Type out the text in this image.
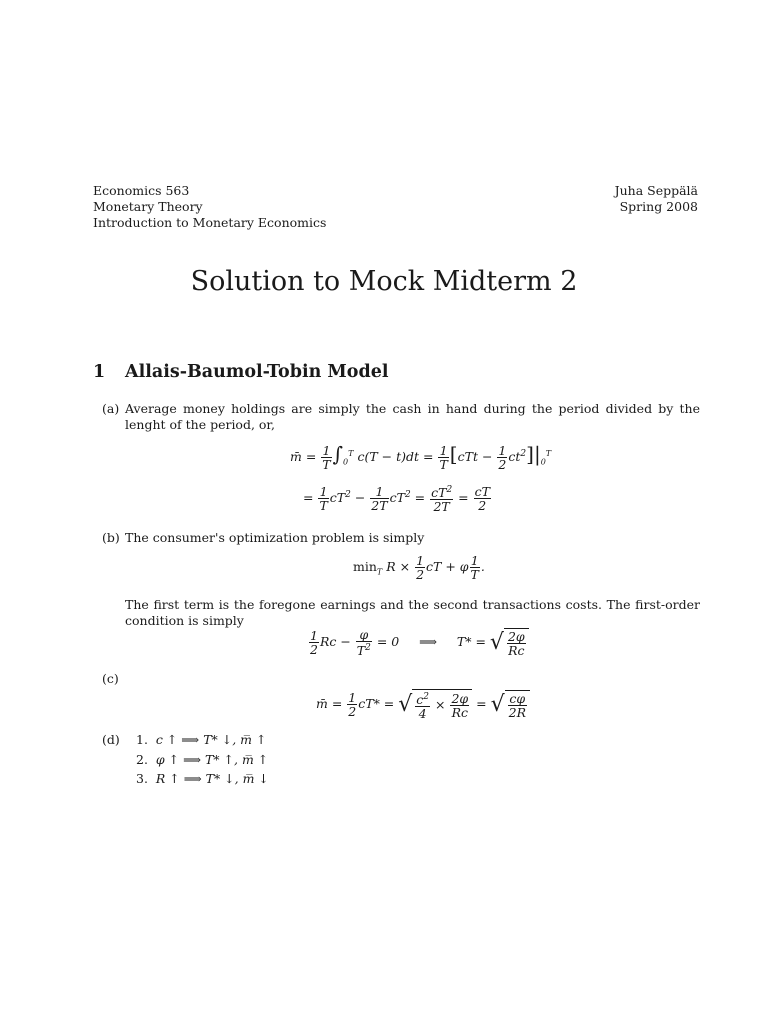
Economics 563
Monetary Theory
Introduction to Monetary Economics
Juha Seppälä
Spring 2008
Solution to Mock Midterm 2
1 Allais-Baumol-Tobin Model
(a) Average money holdings are simply the cash in hand during the period divided by the lenght of the period, or,
m̄ = $\frac{1}{T} \int_0^T$ $c(T - t)dt = \frac{1}{T} [cTt - \frac{1}{2} ct^2]|_0^T$
= $\frac{1}{T} cT^2 - \frac{1}{2T} cT^2 = \frac{cT^2}{2T} = \frac{cT}{2}$
(b) The consumer's optimization problem is simply
$\min_T R \times \frac{1}{2}$ cT + φ $\frac{1}{T}$ .
The first term is the foregone earnings and the second transactions costs. The first-order condition is simply
$\frac{1}{2}$ $Rc - \frac{\varphi}{T^2} = 0$     ⟹     T* = √ $\frac{2\varphi}{Rc}$
(c)
m̄ = $\frac{1}{2} cT*$ = √ $\frac{c^2}{4} \times \frac{2\varphi}{Rc}$ = √ $\frac{c\varphi}{2R}$
(d) 1. c ↑ ⟹ T* ↓, m̅ ↑
2. φ ↑ ⟹ T* ↑, m̅ ↑
3. R ↑ ⟹ T* ↓, m̅ ↓
